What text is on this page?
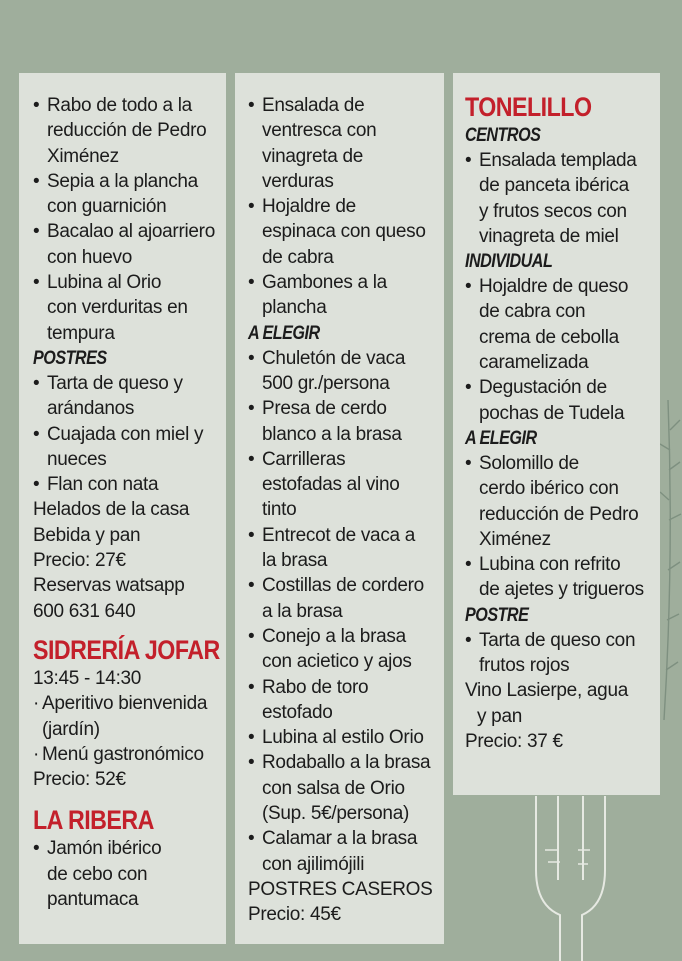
• Rabo de todo a la
reducción de Pedro
Ximénez
• Sepia a la plancha
con guarnición
• Bacalao al ajoarriero
con huevo
• Lubina al Orio
con verduritas en
tempura
POSTRES
• Tarta de queso y
arándanos
• Cuajada con miel y
nueces
• Flan con nata
Helados de la casa
Bebida y pan
Precio: 27€
Reservas watsapp
600 631 640
SIDRERÍA JOFAR
13:45 - 14:30
· Aperitivo bienvenida
(jardín)
· Menú gastronómico
Precio: 52€
LA RIBERA
• Jamón ibérico
de cebo con
pantumaca
• Ensalada de
ventresca con
vinagreta de
verduras
• Hojaldre de
espinaca con queso
de cabra
• Gambones a la
plancha
A ELEGIR
• Chuletón de vaca
500 gr./persona
• Presa de cerdo
blanco a la brasa
• Carrilleras
estofadas al vino
tinto
• Entrecot de vaca a
la brasa
• Costillas de cordero
a la brasa
• Conejo a la brasa
con acietico y ajos
• Rabo de toro
estofado
• Lubina al estilo Orio
• Rodaballo a la brasa
con salsa de Orio
(Sup. 5€/persona)
• Calamar a la brasa
con ajilimójili
POSTRES CASEROS
Precio: 45€
TONELILLO
CENTROS
• Ensalada templada
de panceta ibérica
y frutos secos con
vinagreta de miel
INDIVIDUAL
• Hojaldre de queso
de cabra con
crema de cebolla
caramelizada
• Degustación de
pochas de Tudela
A ELEGIR
• Solomillo de
cerdo ibérico con
reducción de Pedro
Ximénez
• Lubina con refrito
de ajetes y trigueros
POSTRE
• Tarta de queso con
frutos rojos
Vino Lasierpe, agua
y pan
Precio: 37 €
